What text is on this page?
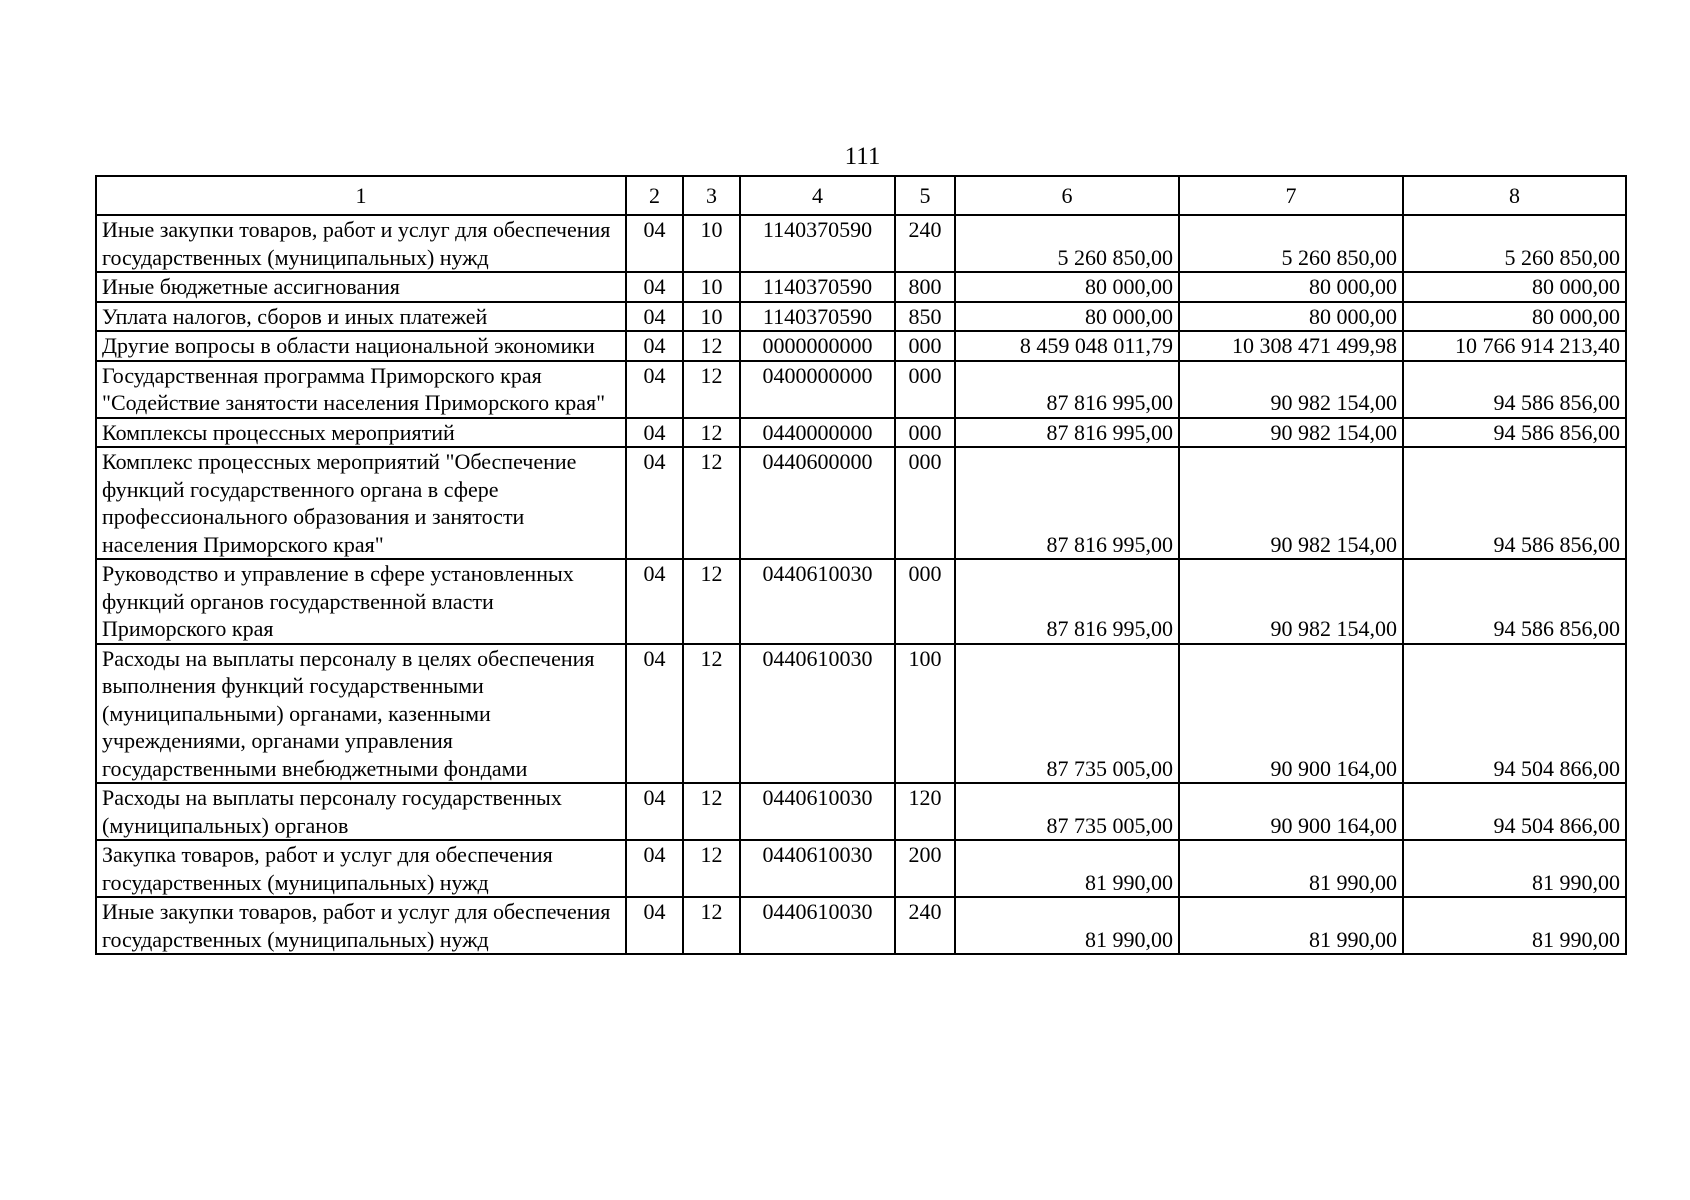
111
1	2	3	4	5	6	7	8
Иные закупки товаров, работ и услуг для обеспечения государственных (муниципальных) нужд	04	10	1140370590	240	5 260 850,00	5 260 850,00	5 260 850,00
Иные бюджетные ассигнования	04	10	1140370590	800	80 000,00	80 000,00	80 000,00
Уплата налогов, сборов и иных платежей	04	10	1140370590	850	80 000,00	80 000,00	80 000,00
Другие вопросы в области национальной экономики	04	12	0000000000	000	8 459 048 011,79	10 308 471 499,98	10 766 914 213,40
Государственная программа Приморского края "Содействие занятости населения Приморского края"	04	12	0400000000	000	87 816 995,00	90 982 154,00	94 586 856,00
Комплексы процессных мероприятий	04	12	0440000000	000	87 816 995,00	90 982 154,00	94 586 856,00
Комплекс процессных мероприятий "Обеспечение функций государственного органа в сфере профессионального образования и занятости населения Приморского края"	04	12	0440600000	000	87 816 995,00	90 982 154,00	94 586 856,00
Руководство и управление в сфере установленных функций органов государственной власти Приморского края	04	12	0440610030	000	87 816 995,00	90 982 154,00	94 586 856,00
Расходы на выплаты персоналу в целях обеспечения выполнения функций государственными (муниципальными) органами, казенными учреждениями, органами управления государственными внебюджетными фондами	04	12	0440610030	100	87 735 005,00	90 900 164,00	94 504 866,00
Расходы на выплаты персоналу государственных (муниципальных) органов	04	12	0440610030	120	87 735 005,00	90 900 164,00	94 504 866,00
Закупка товаров, работ и услуг для обеспечения государственных (муниципальных) нужд	04	12	0440610030	200	81 990,00	81 990,00	81 990,00
Иные закупки товаров, работ и услуг для обеспечения государственных (муниципальных) нужд	04	12	0440610030	240	81 990,00	81 990,00	81 990,00
